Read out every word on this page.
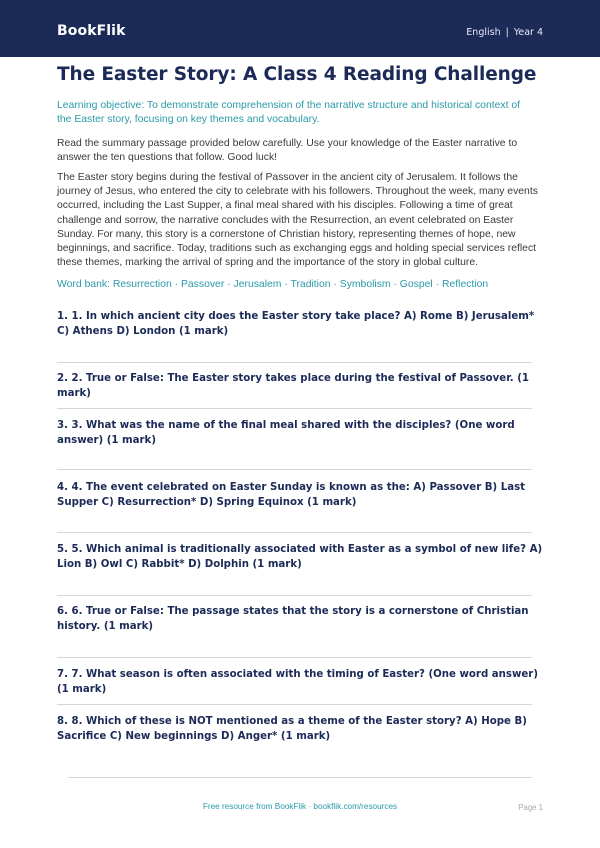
BookFlik	English | Year 4
The Easter Story: A Class 4 Reading Challenge

Learning objective: To demonstrate comprehension of the narrative structure and historical context of the Easter story, focusing on key themes and vocabulary.

Read the summary passage provided below carefully. Use your knowledge of the Easter narrative to answer the ten questions that follow. Good luck!

The Easter story begins during the festival of Passover in the ancient city of Jerusalem. It follows the journey of Jesus, who entered the city to celebrate with his followers. Throughout the week, many events occurred, including the Last Supper, a final meal shared with his disciples. Following a time of great challenge and sorrow, the narrative concludes with the Resurrection, an event celebrated on Easter Sunday. For many, this story is a cornerstone of Christian history, representing themes of hope, new beginnings, and sacrifice. Today, traditions such as exchanging eggs and holding special services reflect these themes, marking the arrival of spring and the importance of the story in global culture.

Word bank: Resurrection · Passover · Jerusalem · Tradition · Symbolism · Gospel · Reflection

1. 1. In which ancient city does the Easter story take place? A) Rome B) Jerusalem* C) Athens D) London (1 mark)

2. 2. True or False: The Easter story takes place during the festival of Passover. (1 mark)

3. 3. What was the name of the final meal shared with the disciples? (One word answer) (1 mark)

4. 4. The event celebrated on Easter Sunday is known as the: A) Passover B) Last Supper C) Resurrection* D) Spring Equinox (1 mark)

5. 5. Which animal is traditionally associated with Easter as a symbol of new life? A) Lion B) Owl C) Rabbit* D) Dolphin (1 mark)

6. 6. True or False: The passage states that the story is a cornerstone of Christian history. (1 mark)

7. 7. What season is often associated with the timing of Easter? (One word answer) (1 mark)

8. 8. Which of these is NOT mentioned as a theme of the Easter story? A) Hope B) Sacrifice C) New beginnings D) Anger* (1 mark)

Free resource from BookFlik · bookflik.com/resources	Page 1
